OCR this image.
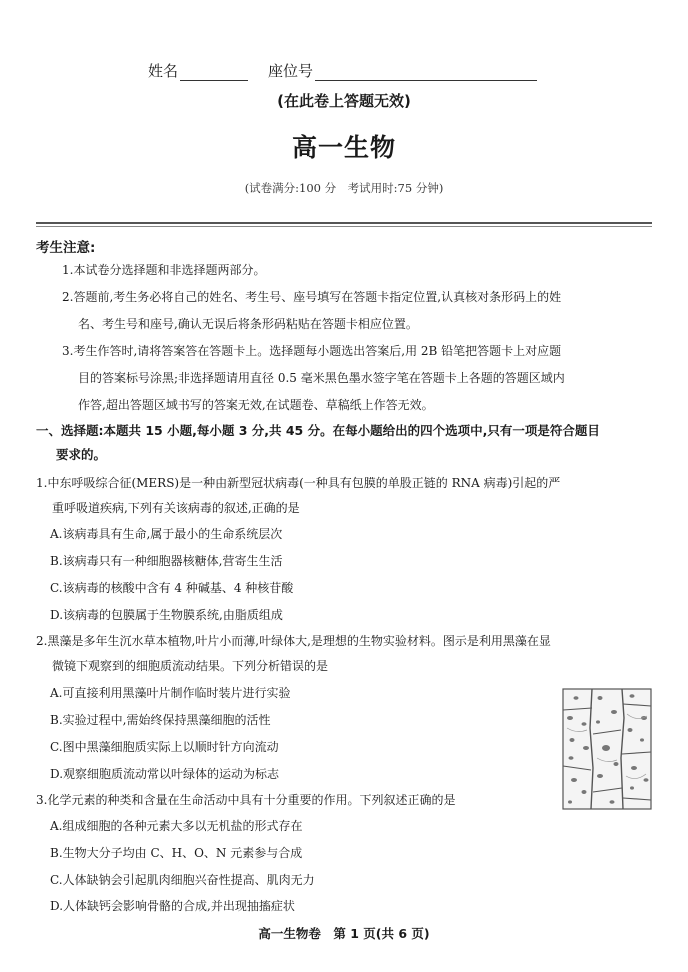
姓名	座位号
(在此卷上答题无效)
高一生物
(试卷满分:100 分　考试用时:75 分钟)
考生注意:
1.本试卷分选择题和非选择题两部分。
2.答题前,考生务必将自己的姓名、考生号、座号填写在答题卡指定位置,认真核对条形码上的姓
名、考生号和座号,确认无误后将条形码粘贴在答题卡相应位置。
3.考生作答时,请将答案答在答题卡上。选择题每小题选出答案后,用 2B 铅笔把答题卡上对应题
目的答案标号涂黑;非选择题请用直径 0.5 毫米黑色墨水签字笔在答题卡上各题的答题区域内
作答,超出答题区域书写的答案无效,在试题卷、草稿纸上作答无效。
一、选择题:本题共 15 小题,每小题 3 分,共 45 分。在每小题给出的四个选项中,只有一项是符合题目
要求的。
1.中东呼吸综合征(MERS)是一种由新型冠状病毒(一种具有包膜的单股正链的 RNA 病毒)引起的严
重呼吸道疾病,下列有关该病毒的叙述,正确的是
A.该病毒具有生命,属于最小的生命系统层次
B.该病毒只有一种细胞器核糖体,营寄生生活
C.该病毒的核酸中含有 4 种碱基、4 种核苷酸
D.该病毒的包膜属于生物膜系统,由脂质组成
2.黑藻是多年生沉水草本植物,叶片小而薄,叶绿体大,是理想的生物实验材料。图示是利用黑藻在显
微镜下观察到的细胞质流动结果。下列分析错误的是
A.可直接利用黑藻叶片制作临时装片进行实验
B.实验过程中,需始终保持黑藻细胞的活性
C.图中黑藻细胞质实际上以顺时针方向流动
D.观察细胞质流动常以叶绿体的运动为标志
3.化学元素的种类和含量在生命活动中具有十分重要的作用。下列叙述正确的是
A.组成细胞的各种元素大多以无机盐的形式存在
B.生物大分子均由 C、H、O、N 元素参与合成
C.人体缺钠会引起肌肉细胞兴奋性提高、肌肉无力
D.人体缺钙会影响骨骼的合成,并出现抽搐症状
高一生物卷　第 1 页(共 6 页)
